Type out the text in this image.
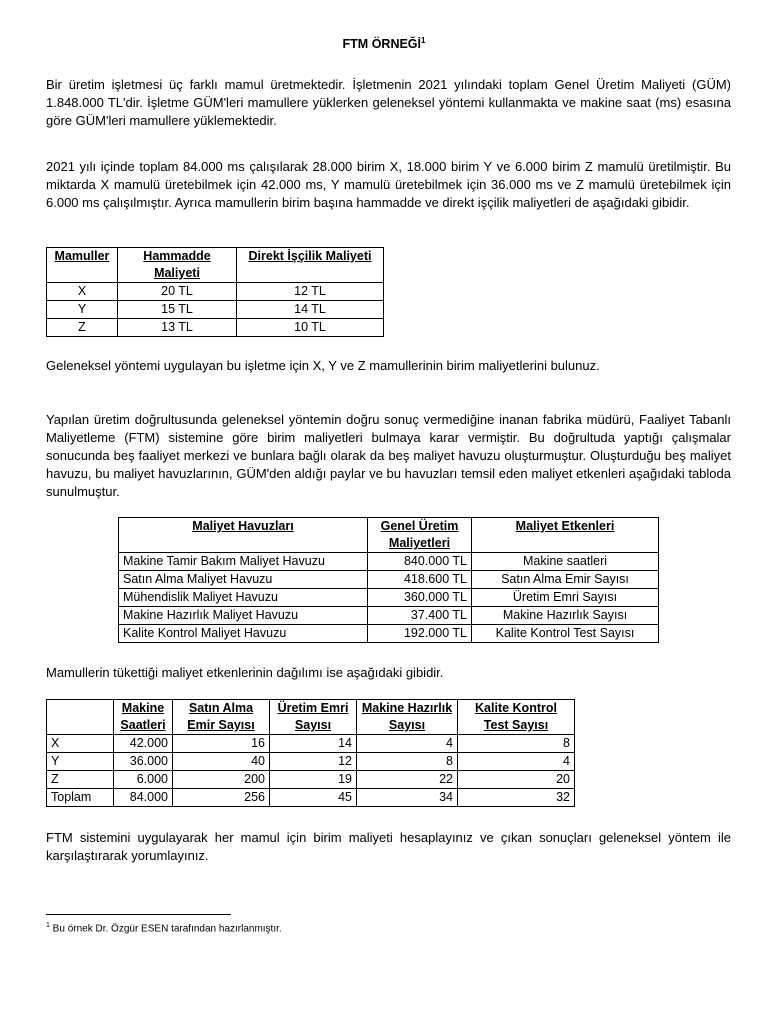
FTM ÖRNEĞİ$^1$

Bir üretim işletmesi üç farklı mamul üretmektedir. İşletmenin 2021 yılındaki toplam Genel Üretim Maliyeti (GÜM) 1.848.000 TL'dir. İşletme GÜM'leri mamullere yüklerken geleneksel yöntemi kullanmakta ve makine saat (ms) esasına göre GÜM'leri mamullere yüklemektedir.

2021 yılı içinde toplam 84.000 ms çalışılarak 28.000 birim X, 18.000 birim Y ve 6.000 birim Z mamulü üretilmiştir. Bu miktarda X mamulü üretebilmek için 42.000 ms, Y mamulü üretebilmek için 36.000 ms ve Z mamulü üretebilmek için 6.000 ms çalışılmıştır. Ayrıca mamullerin birim başına hammadde ve direkt işçilik maliyetleri de aşağıdaki gibidir.

Mamuller	Hammadde Maliyeti	Direkt İşçilik Maliyeti
X	20 TL	12 TL
Y	15 TL	14 TL
Z	13 TL	10 TL

Geleneksel yöntemi uygulayan bu işletme için X, Y ve Z mamullerinin birim maliyetlerini bulunuz.

Yapılan üretim doğrultusunda geleneksel yöntemin doğru sonuç vermediğine inanan fabrika müdürü, Faaliyet Tabanlı Maliyetleme (FTM) sistemine göre birim maliyetleri bulmaya karar vermiştir. Bu doğrultuda yaptığı çalışmalar sonucunda beş faaliyet merkezi ve bunlara bağlı olarak da beş maliyet havuzu oluşturmuştur. Oluşturduğu beş maliyet havuzu, bu maliyet havuzlarının, GÜM'den aldığı paylar ve bu havuzları temsil eden maliyet etkenleri aşağıdaki tabloda sunulmuştur.

Maliyet Havuzları	Genel Üretim Maliyetleri	Maliyet Etkenleri
Makine Tamir Bakım Maliyet Havuzu	840.000 TL	Makine saatleri
Satın Alma Maliyet Havuzu	418.600 TL	Satın Alma Emir Sayısı
Mühendislik Maliyet Havuzu	360.000 TL	Üretim Emri Sayısı
Makine Hazırlık Maliyet Havuzu	37.400 TL	Makine Hazırlık Sayısı
Kalite Kontrol Maliyet Havuzu	192.000 TL	Kalite Kontrol Test Sayısı

Mamullerin tükettiği maliyet etkenlerinin dağılımı ise aşağıdaki gibidir.

	Makine Saatleri	Satın Alma Emir Sayısı	Üretim Emri Sayısı	Makine Hazırlık Sayısı	Kalite Kontrol Test Sayısı
X	42.000	16	14	4	8
Y	36.000	40	12	8	4
Z	6.000	200	19	22	20
Toplam	84.000	256	45	34	32

FTM sistemini uygulayarak her mamul için birim maliyeti hesaplayınız ve çıkan sonuçları geleneksel yöntem ile karşılaştırarak yorumlayınız.

$^1$ Bu örnek Dr. Özgür ESEN tarafından hazırlanmıştır.
